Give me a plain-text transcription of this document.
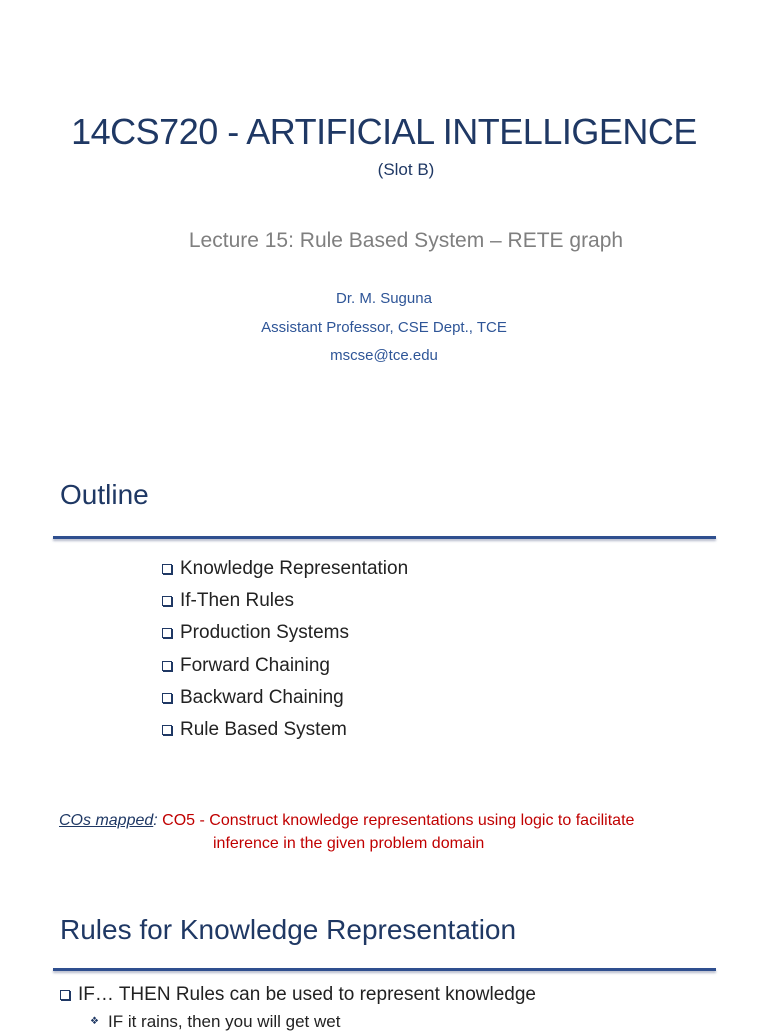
14CS720 - ARTIFICIAL INTELLIGENCE
(Slot B)
Lecture 15: Rule Based System – RETE graph
Dr. M. Suguna
Assistant Professor, CSE Dept., TCE
mscse@tce.edu
Outline
Knowledge Representation
If-Then Rules
Production Systems
Forward Chaining
Backward Chaining
Rule Based System
COs mapped: CO5 - Construct knowledge representations using logic to facilitate
inference in the given problem domain
Rules for Knowledge Representation
IF… THEN Rules can be used to represent knowledge
❖ IF it rains, then you will get wet
